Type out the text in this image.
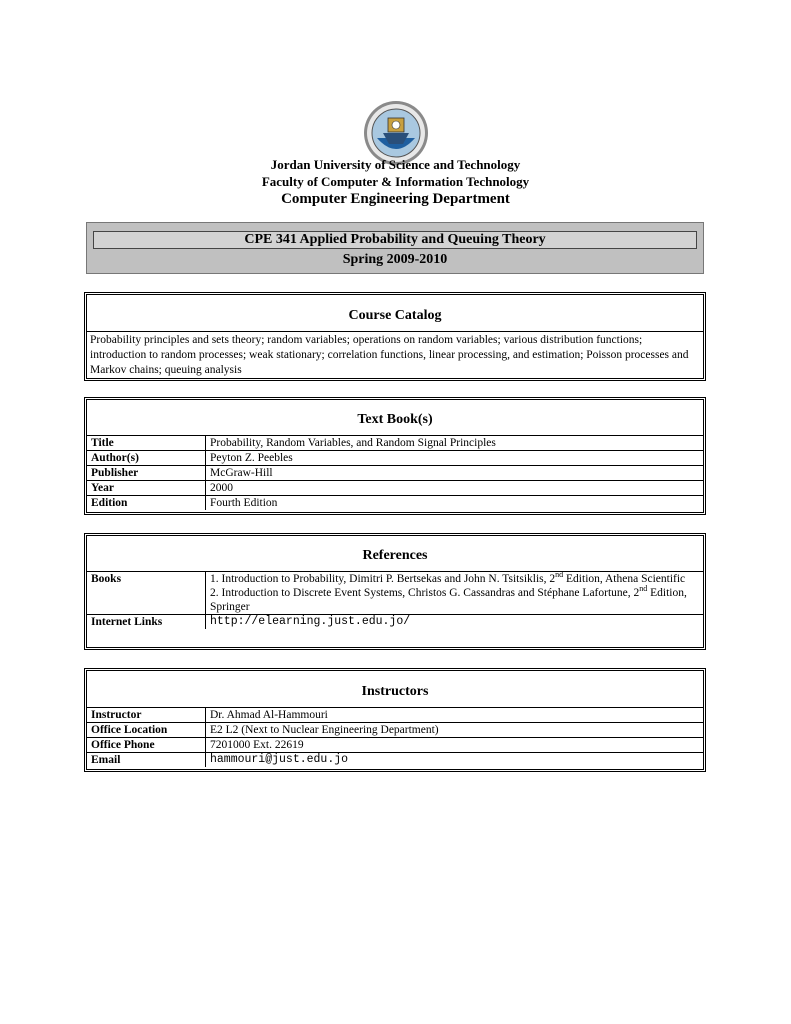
Jordan University of Science and Technology
Faculty of Computer & Information Technology
Computer Engineering Department
CPE 341 Applied Probability and Queuing Theory
Spring 2009-2010
Course Catalog
Probability principles and sets theory; random variables; operations on random variables; various distribution functions; introduction to random processes; weak stationary; correlation functions, linear processing, and estimation; Poisson processes and Markov chains; queuing analysis
Text Book(s)
Title	Probability, Random Variables, and Random Signal Principles
Author(s)	Peyton Z. Peebles
Publisher	McGraw-Hill
Year	2000
Edition	Fourth Edition
References
Books	1. Introduction to Probability, Dimitri P. Bertsekas and John N. Tsitsiklis, 2nd Edition, Athena Scientific
2. Introduction to Discrete Event Systems, Christos G. Cassandras and Stéphane Lafortune, 2nd Edition, Springer

Internet Links	http://elearning.just.edu.jo/
Instructors
Instructor	Dr. Ahmad Al-Hammouri
Office Location	E2 L2 (Next to Nuclear Engineering Department)
Office Phone	7201000 Ext. 22619
Email	hammouri@just.edu.jo
